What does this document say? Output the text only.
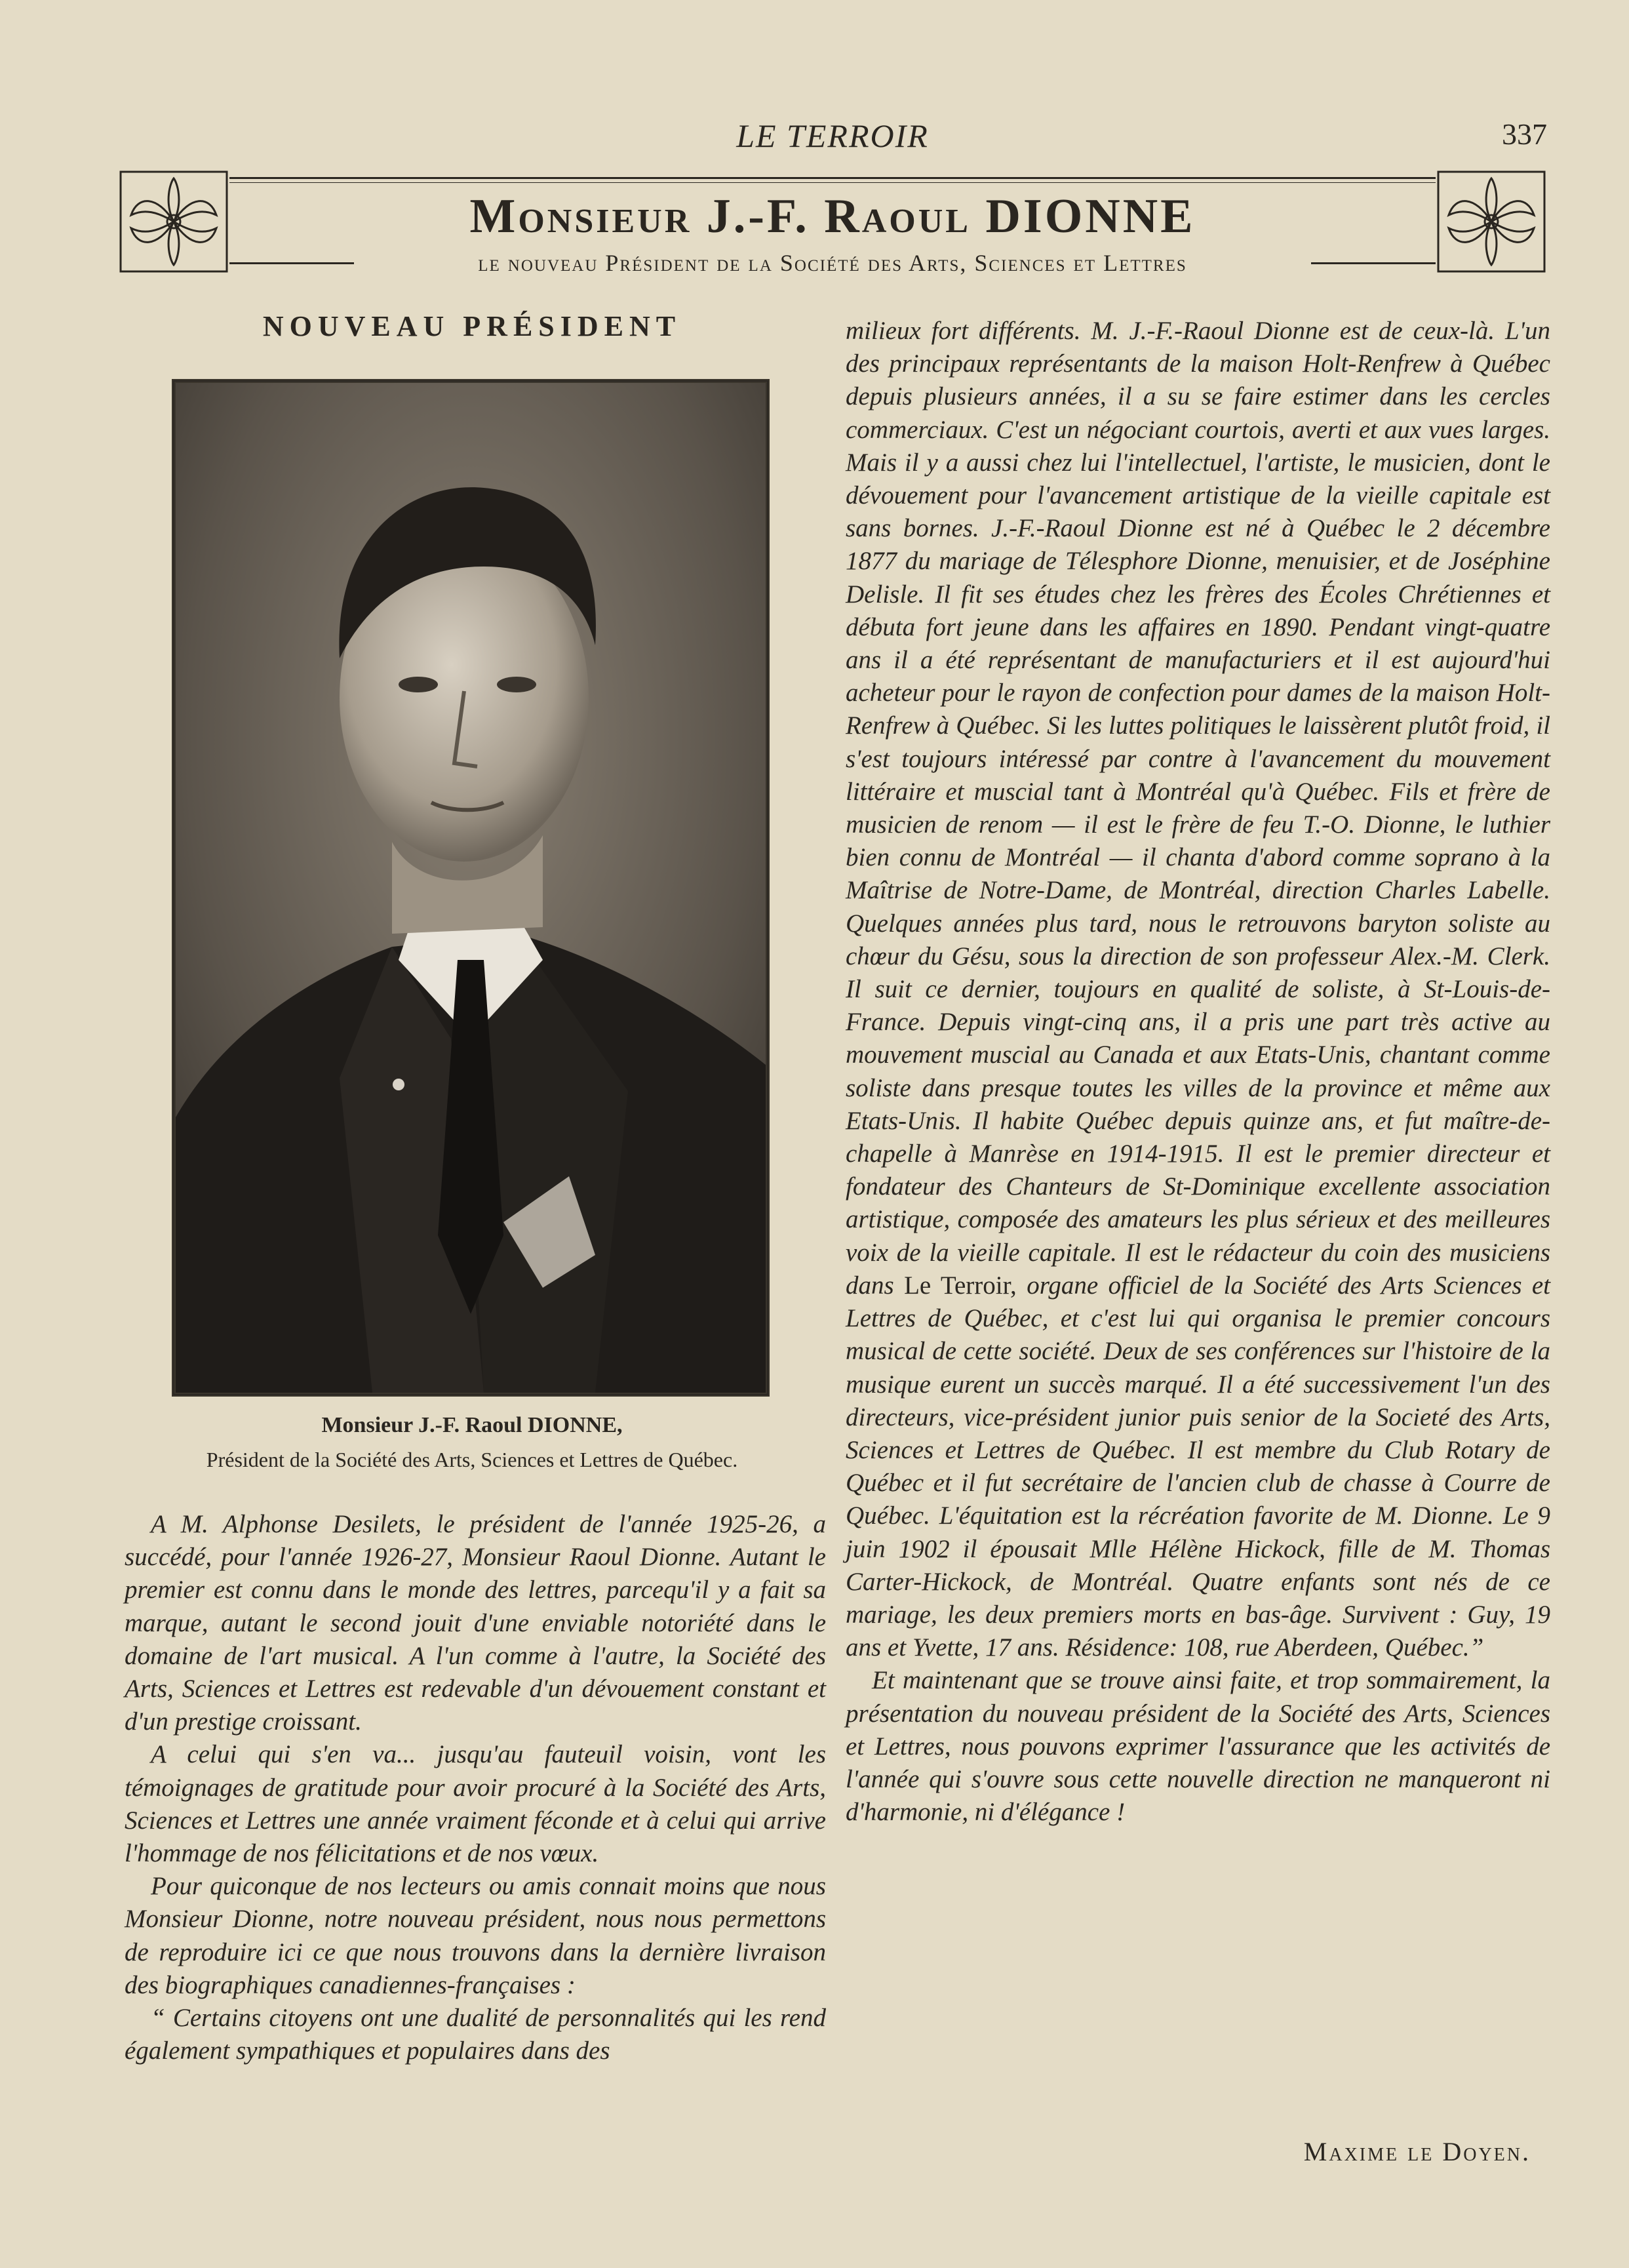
LE TERROIR	337
Monsieur J.-F. Raoul DIONNE
le nouveau Président de la Société des Arts, Sciences et Lettres
NOUVEAU PRÉSIDENT
Monsieur J.-F. Raoul DIONNE,
Président de la Société des Arts, Sciences et Lettres de Québec.

A M. Alphonse Desilets, le président de l'année 1925-26, a succédé, pour l'année 1926-27, Monsieur Raoul Dionne. Autant le premier est connu dans le monde des lettres, parcequ'il y a fait sa marque, autant le second jouit d'une enviable notoriété dans le domaine de l'art musical. A l'un comme à l'autre, la Société des Arts, Sciences et Lettres est redevable d'un dévouement constant et d'un prestige croissant.

A celui qui s'en va... jusqu'au fauteuil voisin, vont les témoignages de gratitude pour avoir procuré à la Société des Arts, Sciences et Lettres une année vraiment féconde et à celui qui arrive l'hommage de nos félicitations et de nos vœux.

Pour quiconque de nos lecteurs ou amis connait moins que nous Monsieur Dionne, notre nouveau président, nous nous permettons de reproduire ici ce que nous trouvons dans la dernière livraison des biographiques canadiennes-françaises :

“ Certains citoyens ont une dualité de personnalités qui les rend également sympathiques et populaires dans des

milieux fort différents. M. J.-F.-Raoul Dionne est de ceux-là. L'un des principaux représentants de la maison Holt-Renfrew à Québec depuis plusieurs années, il a su se faire estimer dans les cercles commerciaux. C'est un négociant courtois, averti et aux vues larges. Mais il y a aussi chez lui l'intellectuel, l'artiste, le musicien, dont le dévouement pour l'avancement artistique de la vieille capitale est sans bornes. J.-F.-Raoul Dionne est né à Québec le 2 décembre 1877 du mariage de Télesphore Dionne, menuisier, et de Joséphine Delisle. Il fit ses études chez les frères des Écoles Chrétiennes et débuta fort jeune dans les affaires en 1890. Pendant vingt-quatre ans il a été représentant de manufacturiers et il est aujourd'hui acheteur pour le rayon de confection pour dames de la maison Holt-Renfrew à Québec. Si les luttes politiques le laissèrent plutôt froid, il s'est toujours intéressé par contre à l'avancement du mouvement littéraire et muscial tant à Montréal qu'à Québec. Fils et frère de musicien de renom — il est le frère de feu T.-O. Dionne, le luthier bien connu de Montréal — il chanta d'abord comme soprano à la Maîtrise de Notre-Dame, de Montréal, direction Charles Labelle. Quelques années plus tard, nous le retrouvons baryton soliste au chœur du Gésu, sous la direction de son professeur Alex.-M. Clerk. Il suit ce dernier, toujours en qualité de soliste, à St-Louis-de-France. Depuis vingt-cinq ans, il a pris une part très active au mouvement muscial au Canada et aux Etats-Unis, chantant comme soliste dans presque toutes les villes de la province et même aux Etats-Unis. Il habite Québec depuis quinze ans, et fut maître-de-chapelle à Manrèse en 1914-1915. Il est le premier directeur et fondateur des Chanteurs de St-Dominique excellente association artistique, composée des amateurs les plus sérieux et des meilleures voix de la vieille capitale. Il est le rédacteur du coin des musiciens dans Le Terroir, organe officiel de la Société des Arts Sciences et Lettres de Québec, et c'est lui qui organisa le premier concours musical de cette société. Deux de ses conférences sur l'histoire de la musique eurent un succès marqué. Il a été successivement l'un des directeurs, vice-président junior puis senior de la Societé des Arts, Sciences et Lettres de Québec. Il est membre du Club Rotary de Québec et il fut secrétaire de l'ancien club de chasse à Courre de Québec. L'équitation est la récréation favorite de M. Dionne. Le 9 juin 1902 il épousait Mlle Hélène Hickock, fille de M. Thomas Carter-Hickock, de Montréal. Quatre enfants sont nés de ce mariage, les deux premiers morts en bas-âge. Survivent : Guy, 19 ans et Yvette, 17 ans. Résidence: 108, rue Aberdeen, Québec.”

Et maintenant que se trouve ainsi faite, et trop sommairement, la présentation du nouveau président de la Société des Arts, Sciences et Lettres, nous pouvons exprimer l'assurance que les activités de l'année qui s'ouvre sous cette nouvelle direction ne manqueront ni d'harmonie, ni d'élégance !

Maxime le Doyen.
